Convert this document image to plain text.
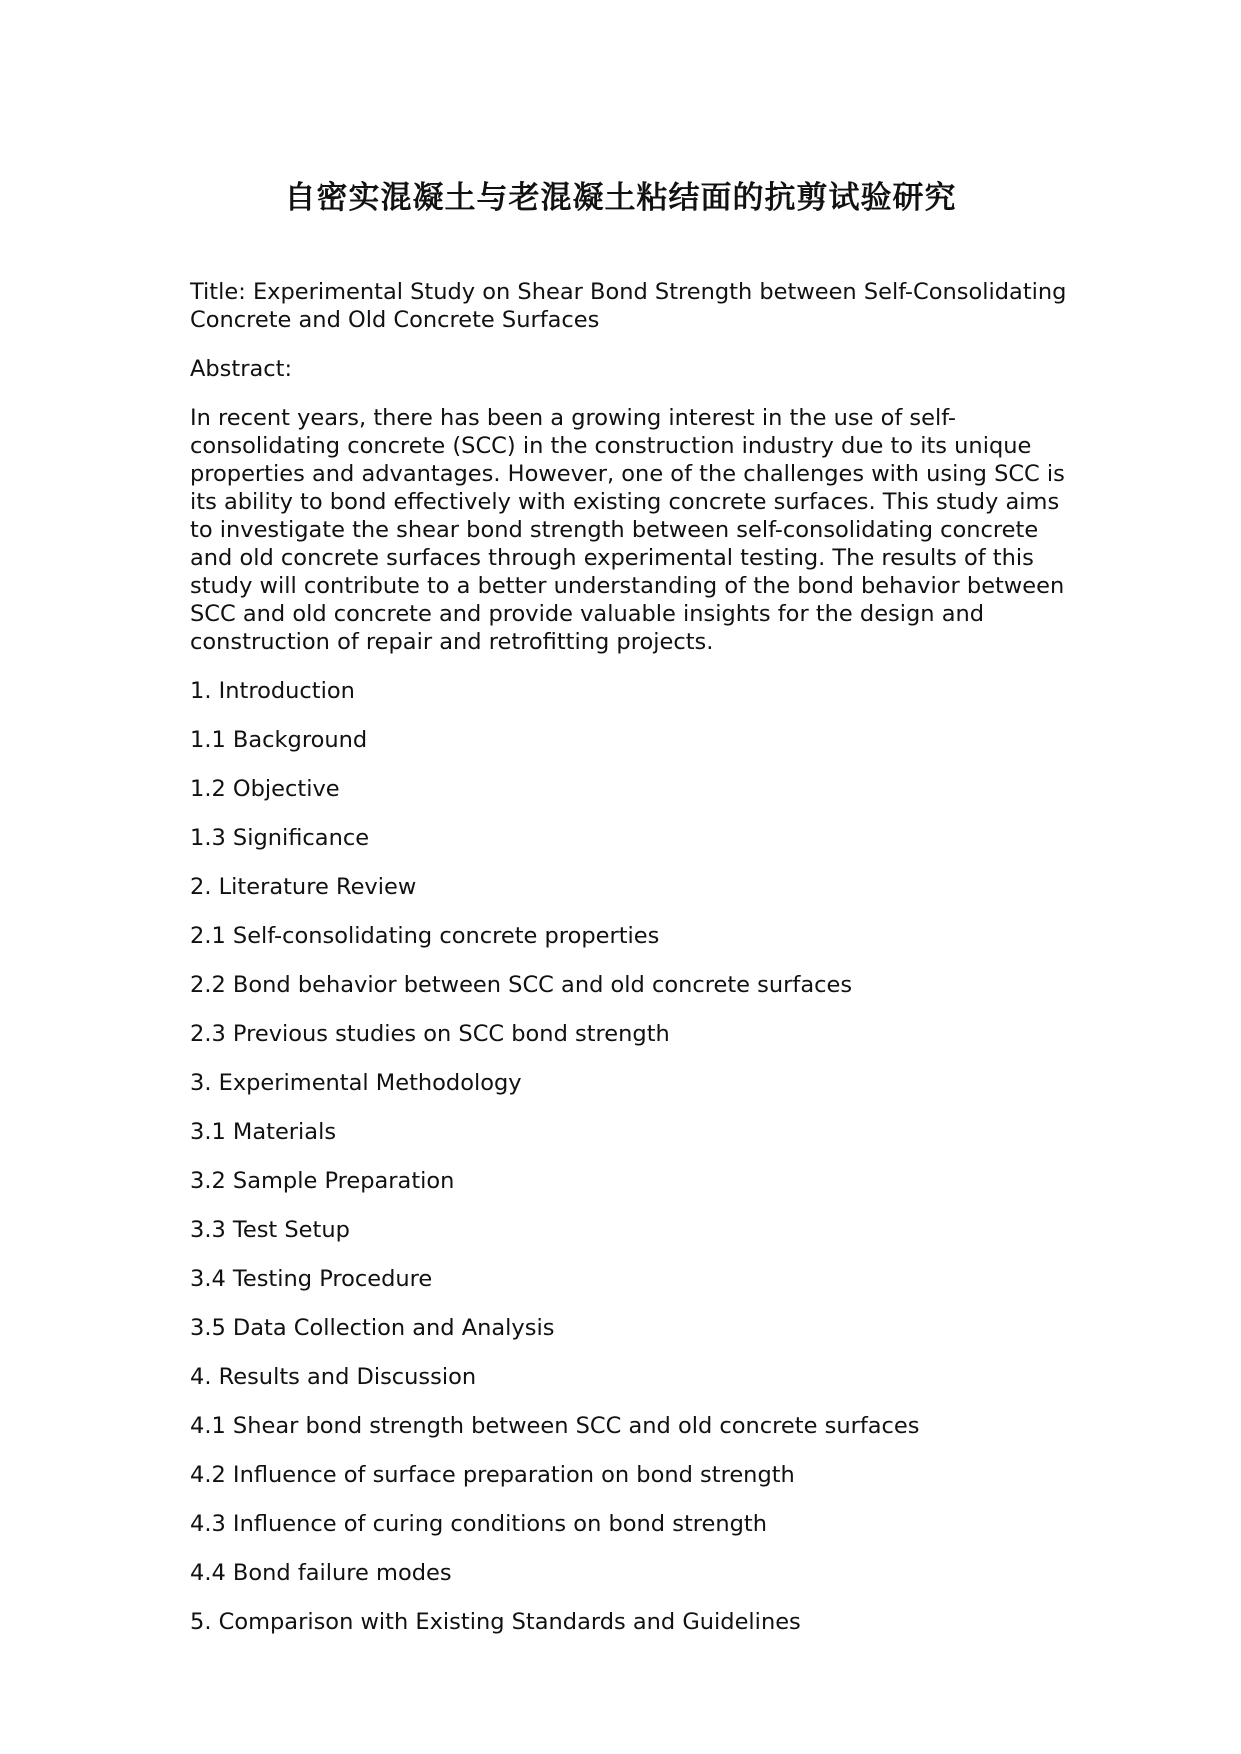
自密实混凝土与老混凝土粘结面的抗剪试验研究

Title: Experimental Study on Shear Bond Strength between Self-Consolidating Concrete and Old Concrete Surfaces

Abstract:

In recent years, there has been a growing interest in the use of self-consolidating concrete (SCC) in the construction industry due to its unique properties and advantages. However, one of the challenges with using SCC is its ability to bond effectively with existing concrete surfaces. This study aims to investigate the shear bond strength between self-consolidating concrete and old concrete surfaces through experimental testing. The results of this study will contribute to a better understanding of the bond behavior between SCC and old concrete and provide valuable insights for the design and construction of repair and retrofitting projects.

1. Introduction
1.1 Background
1.2 Objective
1.3 Significance
2. Literature Review
2.1 Self-consolidating concrete properties
2.2 Bond behavior between SCC and old concrete surfaces
2.3 Previous studies on SCC bond strength
3. Experimental Methodology
3.1 Materials
3.2 Sample Preparation
3.3 Test Setup
3.4 Testing Procedure
3.5 Data Collection and Analysis
4. Results and Discussion
4.1 Shear bond strength between SCC and old concrete surfaces
4.2 Influence of surface preparation on bond strength
4.3 Influence of curing conditions on bond strength
4.4 Bond failure modes
5. Comparison with Existing Standards and Guidelines
